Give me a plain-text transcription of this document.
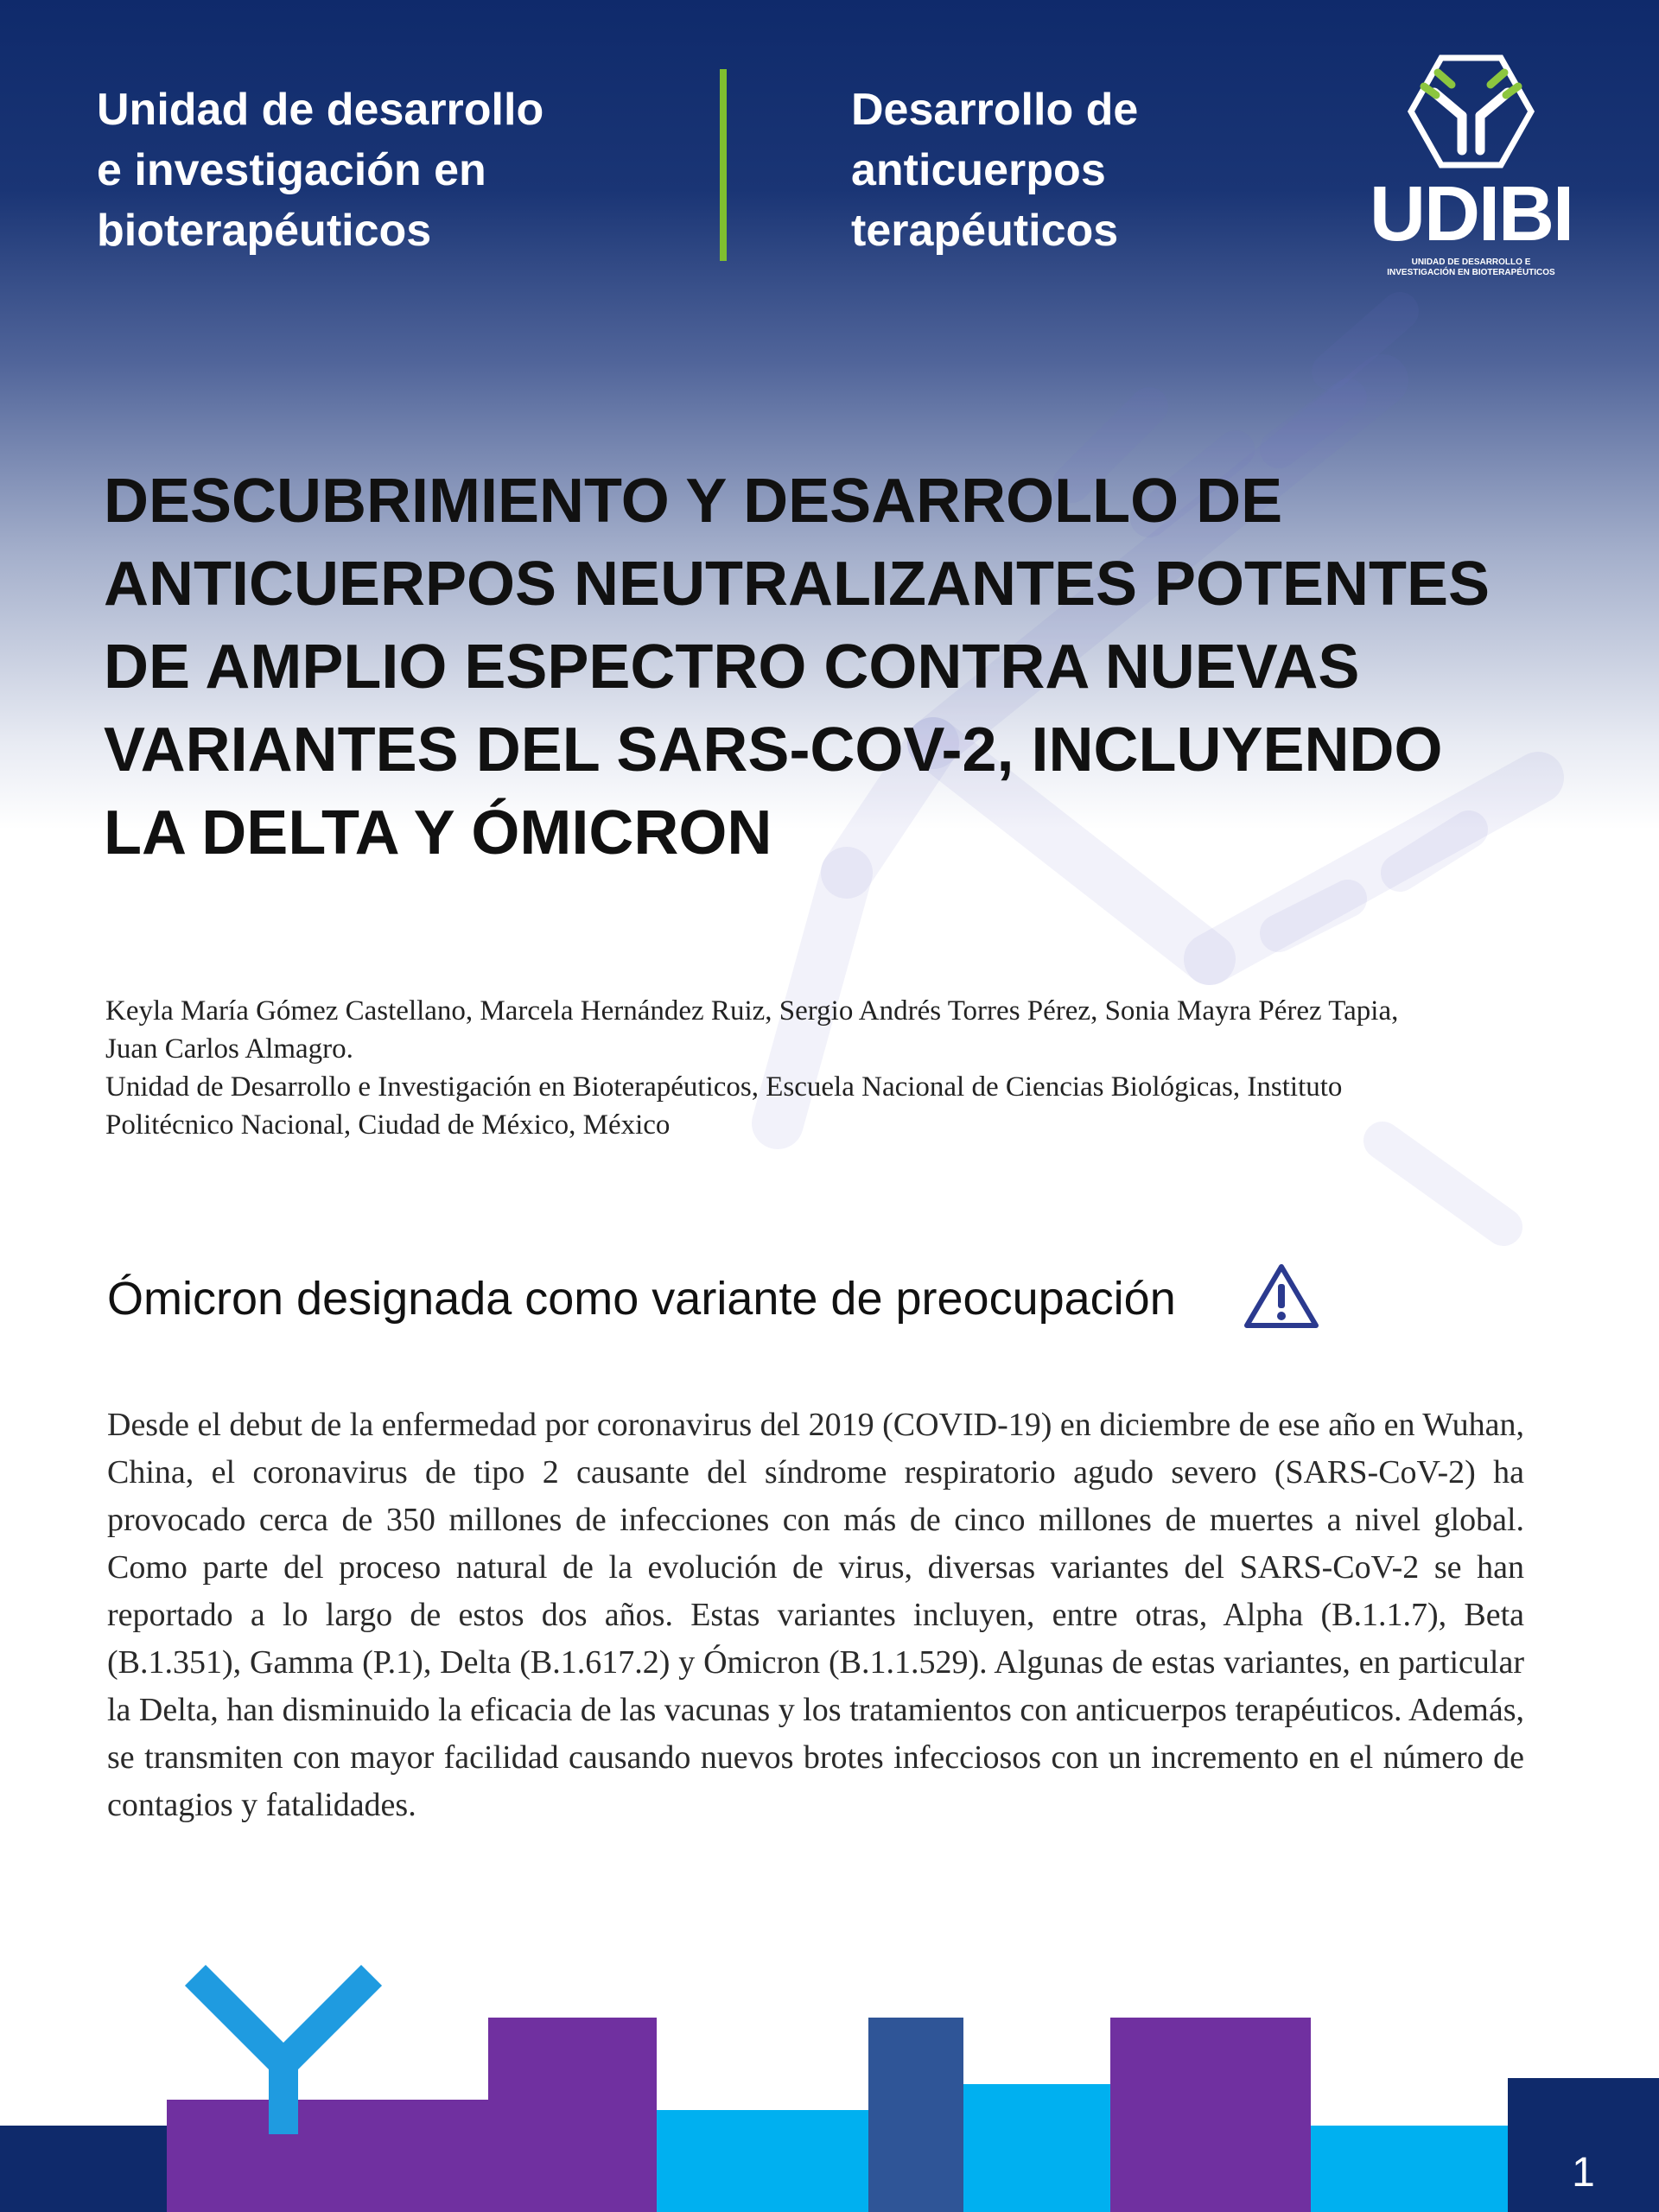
Unidad de desarrollo
e investigación en
bioterapéuticos
Desarrollo de
anticuerpos
terapéuticos	UDIBI
UNIDAD DE DESARROLLO E
INVESTIGACIÓN EN BIOTERAPÉUTICOS
DESCUBRIMIENTO Y DESARROLLO DE ANTICUERPOS NEUTRALIZANTES POTENTES DE AMPLIO ESPECTRO CONTRA NUEVAS VARIANTES DEL SARS-COV-2, INCLUYENDO LA DELTA Y ÓMICRON
Keyla María Gómez Castellano, Marcela Hernández Ruiz, Sergio Andrés Torres Pérez, Sonia Mayra Pérez Tapia, Juan Carlos Almagro.
Unidad de Desarrollo e Investigación en Bioterapéuticos, Escuela Nacional de Ciencias Biológicas, Instituto Politécnico Nacional, Ciudad de México, México
Ómicron designada como variante de preocupación

Desde el debut de la enfermedad por coronavirus del 2019 (COVID-19) en diciembre de ese año en Wuhan, China, el coronavirus de tipo 2 causante del síndrome respiratorio agudo severo (SARS-CoV-2) ha provocado cerca de 350 millones de infecciones con más de cinco millones de muertes a nivel global. Como parte del proceso natural de la evolución de virus, diversas variantes del SARS-CoV-2 se han reportado a lo largo de estos dos años. Estas variantes incluyen, entre otras, Alpha (B.1.1.7), Beta (B.1.351), Gamma (P.1), Delta (B.1.617.2) y Ómicron (B.1.1.529). Algunas de estas variantes, en particular la Delta, han disminuido la eficacia de las vacunas y los tratamientos con anticuerpos terapéuticos. Además, se transmiten con mayor facilidad causando nuevos brotes infecciosos con un incremento en el número de contagios y fatalidades.

1
